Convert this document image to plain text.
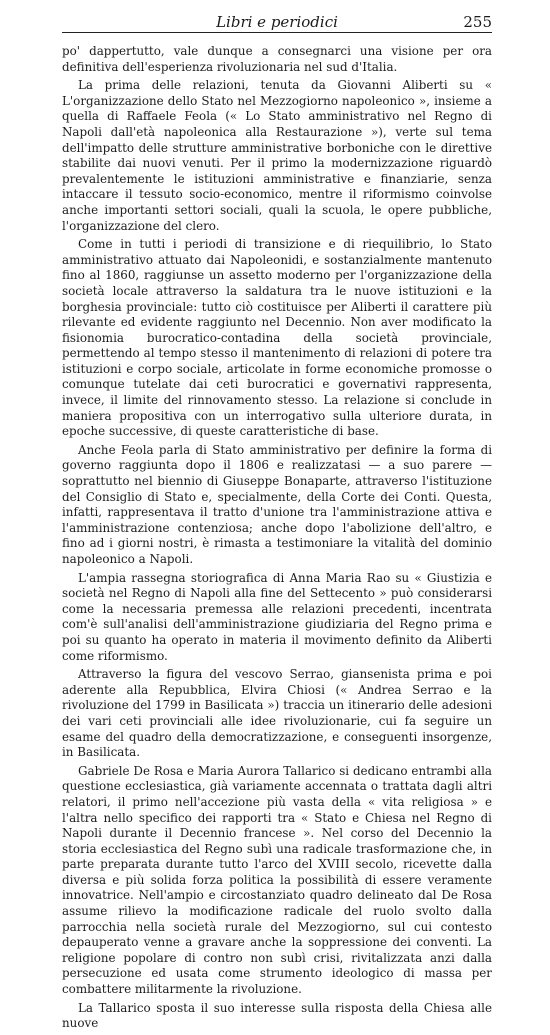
Libri e periodici	255

po' dappertutto, vale dunque a consegnarci una visione per ora definitiva dell'esperienza rivoluzionaria nel sud d'Italia.

La prima delle relazioni, tenuta da Giovanni Aliberti su « L'organizzazione dello Stato nel Mezzogiorno napoleonico », insieme a quella di Raffaele Feola (« Lo Stato amministrativo nel Regno di Napoli dall'età napoleonica alla Restaurazione »), verte sul tema dell'impatto delle strutture amministrative borboniche con le direttive stabilite dai nuovi venuti. Per il primo la modernizzazione riguardò prevalentemente le istituzioni amministrative e finanziarie, senza intaccare il tessuto socio-economico, mentre il riformismo coinvolse anche importanti settori sociali, quali la scuola, le opere pubbliche, l'organizzazione del clero.

Come in tutti i periodi di transizione e di riequilibrio, lo Stato amministrativo attuato dai Napoleonidi, e sostanzialmente mantenuto fino al 1860, raggiunse un assetto moderno per l'organizzazione della società locale attraverso la saldatura tra le nuove istituzioni e la borghesia provinciale: tutto ciò costituisce per Aliberti il carattere più rilevante ed evidente raggiunto nel Decennio. Non aver modificato la fisionomia burocratico-contadina della società provinciale, permettendo al tempo stesso il mantenimento di relazioni di potere tra istituzioni e corpo sociale, articolate in forme economiche promosse o comunque tutelate dai ceti burocratici e governativi rappresenta, invece, il limite del rinnovamento stesso. La relazione si conclude in maniera propositiva con un interrogativo sulla ulteriore durata, in epoche successive, di queste caratteristiche di base.

Anche Feola parla di Stato amministrativo per definire la forma di governo raggiunta dopo il 1806 e realizzatasi — a suo parere — soprattutto nel biennio di Giuseppe Bonaparte, attraverso l'istituzione del Consiglio di Stato e, specialmente, della Corte dei Conti. Questa, infatti, rappresentava il tratto d'unione tra l'amministrazione attiva e l'amministrazione contenziosa; anche dopo l'abolizione dell'altro, e fino ad i giorni nostri, è rimasta a testimoniare la vitalità del dominio napoleonico a Napoli.

L'ampia rassegna storiografica di Anna Maria Rao su « Giustizia e società nel Regno di Napoli alla fine del Settecento » può considerarsi come la necessaria premessa alle relazioni precedenti, incentrata com'è sull'analisi dell'amministrazione giudiziaria del Regno prima e poi su quanto ha operato in materia il movimento definito da Aliberti come riformismo.

Attraverso la figura del vescovo Serrao, giansenista prima e poi aderente alla Repubblica, Elvira Chiosi (« Andrea Serrao e la rivoluzione del 1799 in Basilicata ») traccia un itinerario delle adesioni dei vari ceti provinciali alle idee rivoluzionarie, cui fa seguire un esame del quadro della democratizzazione, e conseguenti insorgenze, in Basilicata.

Gabriele De Rosa e Maria Aurora Tallarico si dedicano entrambi alla questione ecclesiastica, già variamente accennata o trattata dagli altri relatori, il primo nell'accezione più vasta della « vita religiosa » e l'altra nello specifico dei rapporti tra « Stato e Chiesa nel Regno di Napoli durante il Decennio francese ». Nel corso del Decennio la storia ecclesiastica del Regno subì una radicale trasformazione che, in parte preparata durante tutto l'arco del XVIII secolo, ricevette dalla diversa e più solida forza politica la possibilità di essere veramente innovatrice. Nell'ampio e circostanziato quadro delineato dal De Rosa assume rilievo la modificazione radicale del ruolo svolto dalla parrocchia nella società rurale del Mezzogiorno, sul cui contesto depauperato venne a gravare anche la soppressione dei conventi. La religione popolare di contro non subì crisi, rivitalizzata anzi dalla persecuzione ed usata come strumento ideologico di massa per combattere militarmente la rivoluzione.

La Tallarico sposta il suo interesse sulla risposta della Chiesa alle nuove
